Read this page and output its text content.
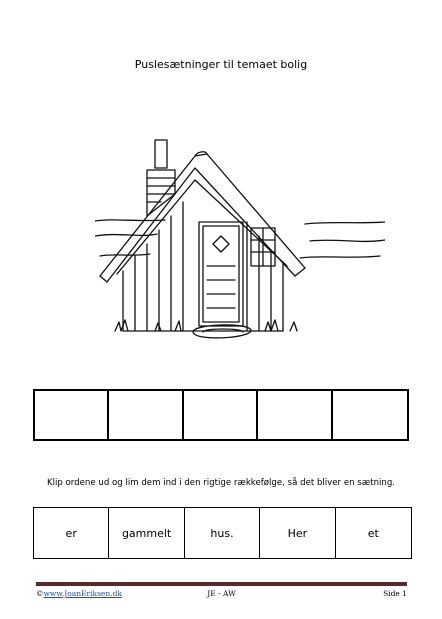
Puslesætninger til temaet bolig
Klip ordene ud og lim dem ind i den rigtige rækkefølge, så det bliver en sætning.
er	gammelt	hus.	Her	et
©www.JoanEriksen.dk	JE - AW	Side 1
